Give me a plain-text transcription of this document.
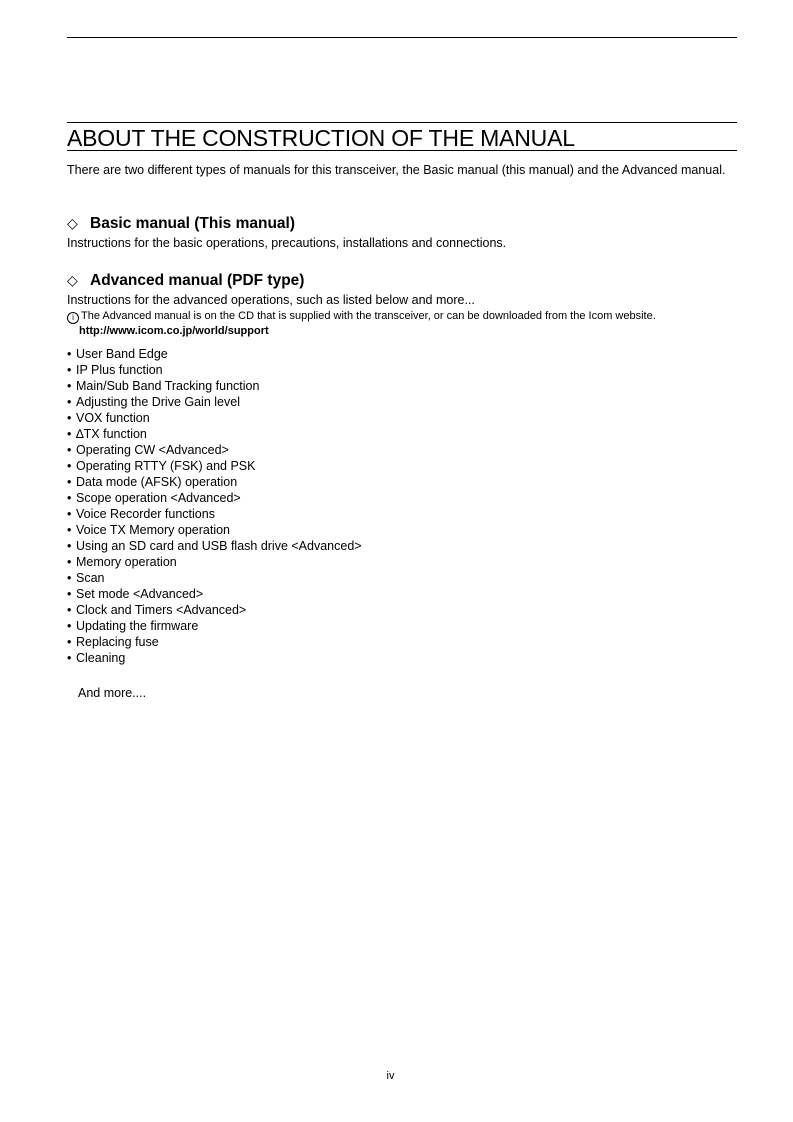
ABOUT THE CONSTRUCTION OF THE MANUAL

There are two different types of manuals for this transceiver, the Basic manual (this manual) and the Advanced manual.

◇ Basic manual (This manual)

Instructions for the basic operations, precautions, installations and connections.

◇ Advanced manual (PDF type)

Instructions for the advanced operations, such as listed below and more...

i The Advanced manual is on the CD that is supplied with the transceiver, or can be downloaded from the Icom website.

http://www.icom.co.jp/world/support

• User Band Edge
• IP Plus function
• Main/Sub Band Tracking function
• Adjusting the Drive Gain level
• VOX function
• ∆TX function
• Operating CW <Advanced>
• Operating RTTY (FSK) and PSK
• Data mode (AFSK) operation
• Scope operation <Advanced>
• Voice Recorder functions
• Voice TX Memory operation
• Using an SD card and USB flash drive <Advanced>
• Memory operation
• Scan
• Set mode <Advanced>
• Clock and Timers <Advanced>
• Updating the firmware
• Replacing fuse
• Cleaning

And more....

iv
